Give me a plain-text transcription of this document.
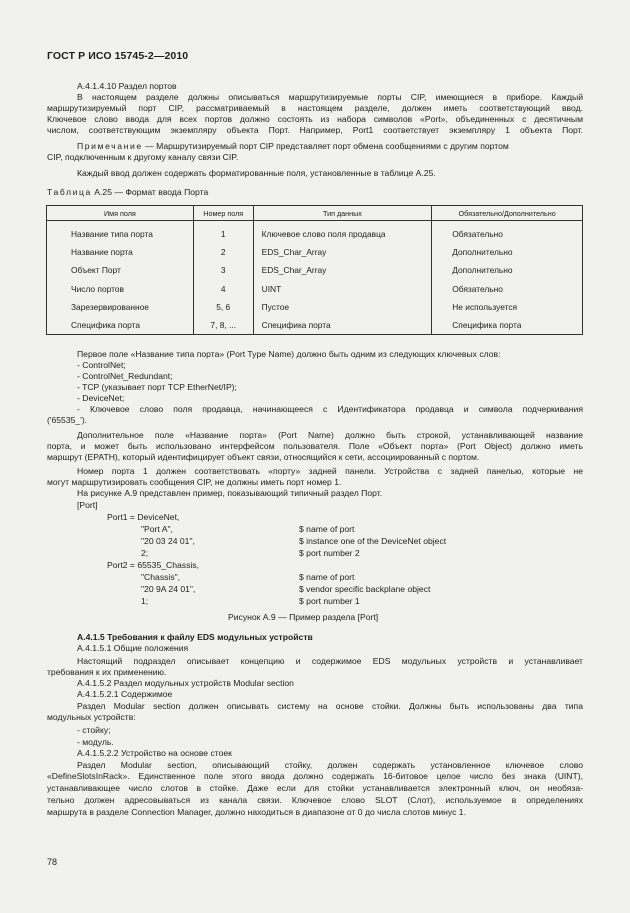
ГОСТ Р ИСО 15745-2—2010
А.4.1.4.10 Раздел портов
В настоящем разделе должны описываться маршрутизируемые порты CIP, имеющиеся в приборе. Каждый
маршрутизируемый порт CIP, рассматриваемый в настоящем разделе, должен иметь соответствующий ввод.
Ключевое слово ввода для всех портов должно состоять из набора символов «Port», объединенных с десятичным
числом, соответствующим экземпляру объекта Порт. Например, Port1 соответствует экземпляру 1 объекта Порт.
Примечание — Маршрутизируемый порт CIP представляет порт обмена сообщениями с другим портом
CIP, подключенным к другому каналу связи CIP.
Каждый ввод должен содержать форматированные поля, установленные в таблице А.25.
Таблица А.25 — Формат ввода Порта
Имя поля	Номер поля	Тип данных	Обязательно/Дополнительно
Название типа порта	1	Ключевое слово поля продавца	Обязательно
Название порта	2	EDS_Char_Array	Дополнительно
Объект Порт	3	EDS_Char_Array	Дополнительно
Число портов	4	UINT	Обязательно
Зарезервированное	5, 6	Пустое	Не используется
Спецификa порта	7, 8, ...	Спецификa порта	Специфика порта
Первое поле «Название типа порта» (Port Type Name) должно быть одним из следующих ключевых слов:
- ControlNet;
- ControlNet_Redundant;
- TCP (указывает порт TCP EtherNet/IP);
- DeviceNet;
- Ключевое слово поля продавца, начинающееся с Идентификатора продавца и символа подчеркивания
('65535_').
Дополнительное поле «Название порта» (Port Name) должно быть строкой, устанавливающей название
порта, и может быть использовано интерфейсом пользователя. Поле «Объект порта» (Port Object) должно иметь
маршрут (EPATH), который идентифицирует объект связи, относящийся к сети, ассоциированный с портом.
Номер порта 1 должен соответствовать «порту» задней панели. Устройства с задней панелью, которые не
могут маршрутизировать сообщения CIP, не должны иметь порт номер 1.
На рисунке А.9 представлен пример, показывающий типичный раздел Порт.
[Port]
Port1 = DeviceNet,
"Port A",
"20 03 24 01",
2;
$ name of port
$ instance one of the DeviceNet object
$ port number 2
Port2 = 65535_Chassis,
"Chassis",
"20 9A 24 01",
1;
$ name of port
$ vendor specific backplane object
$ port number 1
Рисунок А.9 — Пример раздела [Port]
А.4.1.5 Требования к файлу EDS модульных устройств
А.4.1.5.1 Общие положения
Настоящий подраздел описывает концепцию и содержимое EDS модульных устройств и устанавливает
требования к их применению.
А.4.1.5.2 Раздел модульных устройств Modular section
А.4.1.5.2.1 Содержимое
Раздел Modular section должен описывать систему на основе стойки. Должны быть использованы два типа
модульных устройств:
- стойку;
- модуль.
А.4.1.5.2.2 Устройство на основе стоек
Раздел Modular section, описывающий стойку, должен содержать установленное ключевое слово
«DefineSlotsInRack». Единственное поле этого ввода должно содержать 16-битовое целое число без знака (UINT),
устанавливающее число слотов в стойке. Даже если для стойки устанавливается электронный ключ, он необяза-
тельно должен адресовываться из канала связи. Ключевое слово SLOT (Слот), используемое в определениях
маршрута в разделе Connection Manager, должно находиться в диапазоне от 0 до числа слотов минус 1.
78
